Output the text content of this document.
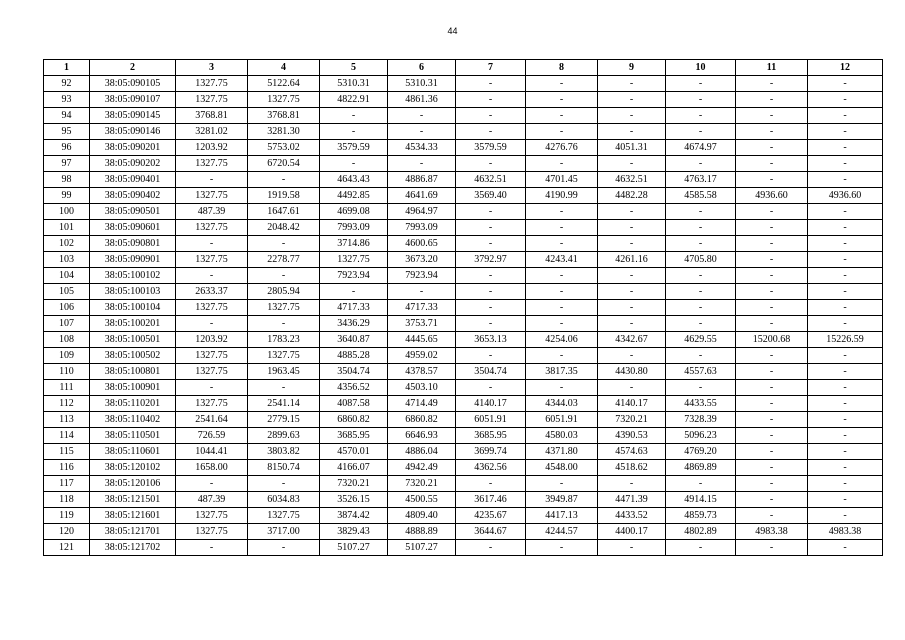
44
1	2	3	4	5	6	7	8	9	10	11	12
92	38:05:090105	1327.75	5122.64	5310.31	5310.31	-	-	-	-	-	-
93	38:05:090107	1327.75	1327.75	4822.91	4861.36	-	-	-	-	-	-
94	38:05:090145	3768.81	3768.81	-	-	-	-	-	-	-	-
95	38:05:090146	3281.02	3281.30	-	-	-	-	-	-	-	-
96	38:05:090201	1203.92	5753.02	3579.59	4534.33	3579.59	4276.76	4051.31	4674.97	-	-
97	38:05:090202	1327.75	6720.54	-	-	-	-	-	-	-	-
98	38:05:090401	-	-	4643.43	4886.87	4632.51	4701.45	4632.51	4763.17	-	-
99	38:05:090402	1327.75	1919.58	4492.85	4641.69	3569.40	4190.99	4482.28	4585.58	4936.60	4936.60
100	38:05:090501	487.39	1647.61	4699.08	4964.97	-	-	-	-	-	-
101	38:05:090601	1327.75	2048.42	7993.09	7993.09	-	-	-	-	-	-
102	38:05:090801	-	-	3714.86	4600.65	-	-	-	-	-	-
103	38:05:090901	1327.75	2278.77	1327.75	3673.20	3792.97	4243.41	4261.16	4705.80	-	-
104	38:05:100102	-	-	7923.94	7923.94	-	-	-	-	-	-
105	38:05:100103	2633.37	2805.94	-	-	-	-	-	-	-	-
106	38:05:100104	1327.75	1327.75	4717.33	4717.33	-	-	-	-	-	-
107	38:05:100201	-	-	3436.29	3753.71	-	-	-	-	-	-
108	38:05:100501	1203.92	1783.23	3640.87	4445.65	3653.13	4254.06	4342.67	4629.55	15200.68	15226.59
109	38:05:100502	1327.75	1327.75	4885.28	4959.02	-	-	-	-	-	-
110	38:05:100801	1327.75	1963.45	3504.74	4378.57	3504.74	3817.35	4430.80	4557.63	-	-
111	38:05:100901	-	-	4356.52	4503.10	-	-	-	-	-	-
112	38:05:110201	1327.75	2541.14	4087.58	4714.49	4140.17	4344.03	4140.17	4433.55	-	-
113	38:05:110402	2541.64	2779.15	6860.82	6860.82	6051.91	6051.91	7320.21	7328.39	-	-
114	38:05:110501	726.59	2899.63	3685.95	6646.93	3685.95	4580.03	4390.53	5096.23	-	-
115	38:05:110601	1044.41	3803.82	4570.01	4886.04	3699.74	4371.80	4574.63	4769.20	-	-
116	38:05:120102	1658.00	8150.74	4166.07	4942.49	4362.56	4548.00	4518.62	4869.89	-	-
117	38:05:120106	-	-	7320.21	7320.21	-	-	-	-	-	-
118	38:05:121501	487.39	6034.83	3526.15	4500.55	3617.46	3949.87	4471.39	4914.15	-	-
119	38:05:121601	1327.75	1327.75	3874.42	4809.40	4235.67	4417.13	4433.52	4859.73	-	-
120	38:05:121701	1327.75	3717.00	3829.43	4888.89	3644.67	4244.57	4400.17	4802.89	4983.38	4983.38
121	38:05:121702	-	-	5107.27	5107.27	-	-	-	-	-	-
